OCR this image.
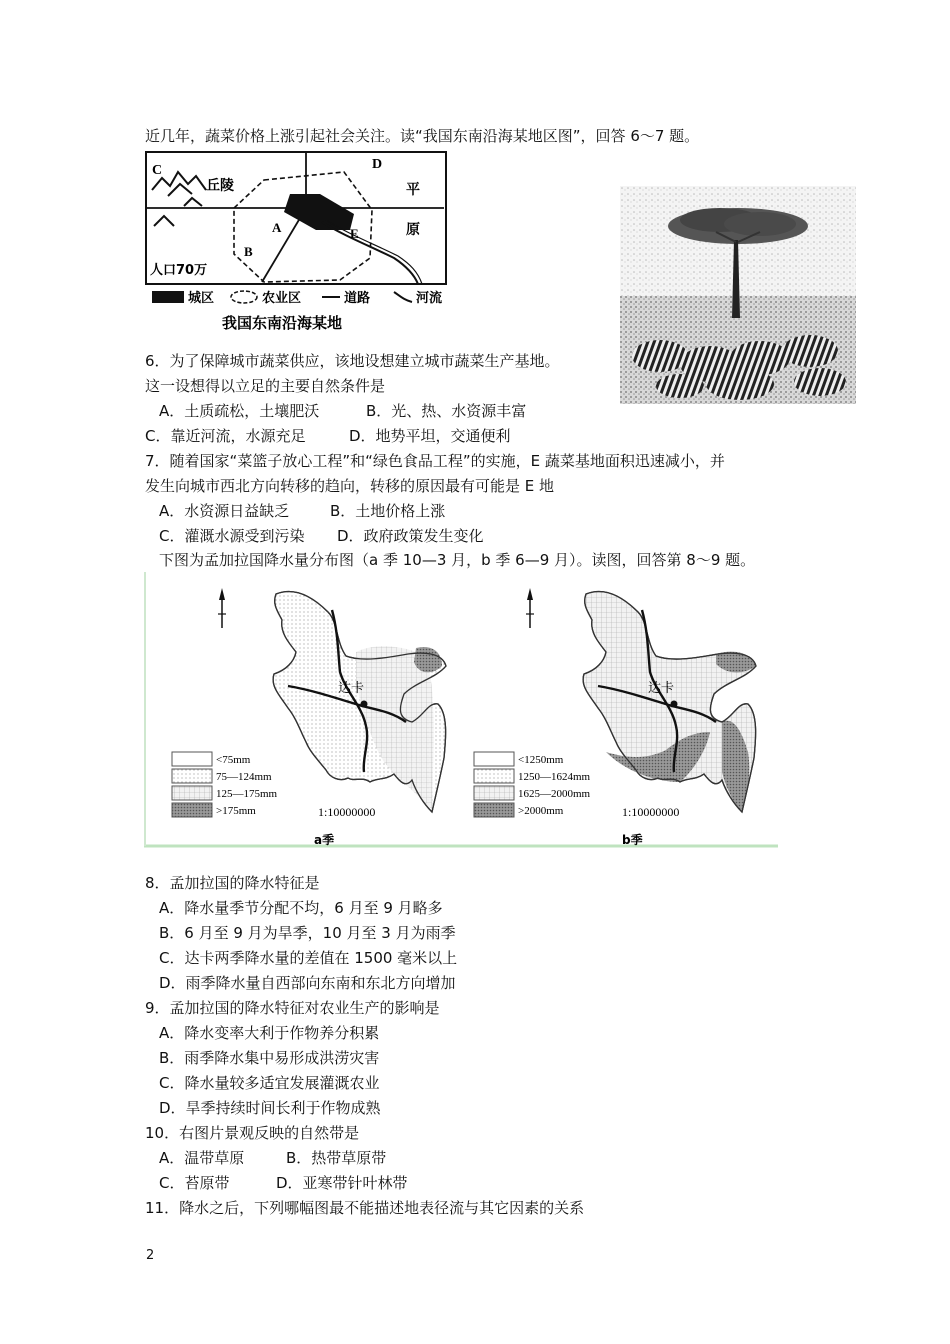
近几年，蔬菜价格上涨引起社会关注。读“我国东南沿海某地区图”，回答 6～7 题。
C	D
丘陵	平
原
A
B
E
人口70万
城区	农业区	道路	河流
我国东南沿海某地
6．为了保障城市蔬菜供应，该地设想建立城市蔬菜生产基地。
这一设想得以立足的主要自然条件是
A．土质疏松，土壤肥沃	B．光、热、水资源丰富
C．靠近河流，水源充足	D．地势平坦，交通便利
7．随着国家“菜篮子放心工程”和“绿色食品工程”的实施，E 蔬菜基地面积迅速减小，并
发生向城市西北方向转移的趋向，转移的原因最有可能是 E 地
A．水资源日益缺乏	B．土地价格上涨
C．灌溉水源受到污染 D．政府政策发生变化
下图为孟加拉国降水量分布图（a 季 10—3 月，b 季 6—9 月）。读图，回答第 8～9 题。
达卡
<75mm
75—124mm
125—175mm
>175mm	1:10000000
a季
达卡
<1250mm
1250—1624mm
1625—2000mm
>2000mm	1:10000000
b季
8．孟加拉国的降水特征是
A．降水量季节分配不均，6 月至 9 月略多
B．6 月至 9 月为旱季，10 月至 3 月为雨季
C．达卡两季降水量的差值在 1500 毫米以上
D．雨季降水量自西部向东南和东北方向增加
9．孟加拉国的降水特征对农业生产的影响是
A．降水变率大利于作物养分积累
B．雨季降水集中易形成洪涝灾害
C．降水量较多适宜发展灌溉农业
D．旱季持续时间长利于作物成熟
10．右图片景观反映的自然带是
A．温带草原	B．热带草原带
C．苔原带	D．亚寒带针叶林带
11．降水之后，下列哪幅图最不能描述地表径流与其它因素的关系
2
